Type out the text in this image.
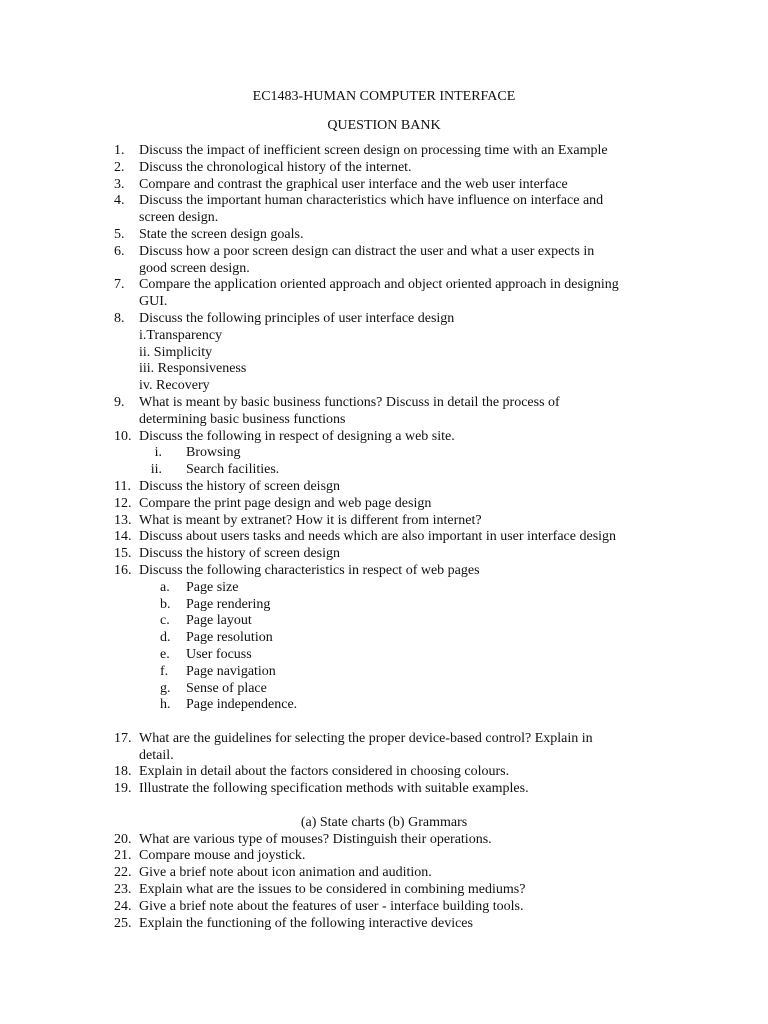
EC1483-HUMAN COMPUTER INTERFACE
QUESTION BANK
1.	Discuss the impact of inefficient screen design on processing time with an Example
2.	Discuss the chronological history of the internet.
3.	Compare and contrast the graphical user interface and the web user interface
4.	Discuss the important human characteristics which have influence on interface and
screen design.
5.	State the screen design goals.
6.	Discuss how a poor screen design can distract the user and what a user expects in
good screen design.
7.	Compare the application oriented approach and object oriented approach in designing
GUI.
8.	Discuss the following principles of user interface design
i.Transparency
ii. Simplicity
iii. Responsiveness
iv. Recovery
9.	What is meant by basic business functions? Discuss in detail the process of
determining basic business functions
10. Discuss the following in respect of designing a web site.
i. Browsing
ii. Search facilities.
11. Discuss the history of screen deisgn
12. Compare the print page design and web page design
13. What is meant by extranet? How it is different from internet?
14. Discuss about users tasks and needs which are also important in user interface design
15. Discuss the history of screen design
16. Discuss the following characteristics in respect of web pages
a.	Page size
b.	Page rendering
c.	Page layout
d.	Page resolution
e.	User focuss
f.	Page navigation
g.	Sense of place
h.	Page independence.
17. What are the guidelines for selecting the proper device-based control? Explain in
detail.
18. Explain in detail about the factors considered in choosing colours.
19. Illustrate the following specification methods with suitable examples.
(a) State charts (b) Grammars
20. What are various type of mouses? Distinguish their operations.
21. Compare mouse and joystick.
22. Give a brief note about icon animation and audition.
23. Explain what are the issues to be considered in combining mediums?
24. Give a brief note about the features of user - interface building tools.
25. Explain the functioning of the following interactive devices
